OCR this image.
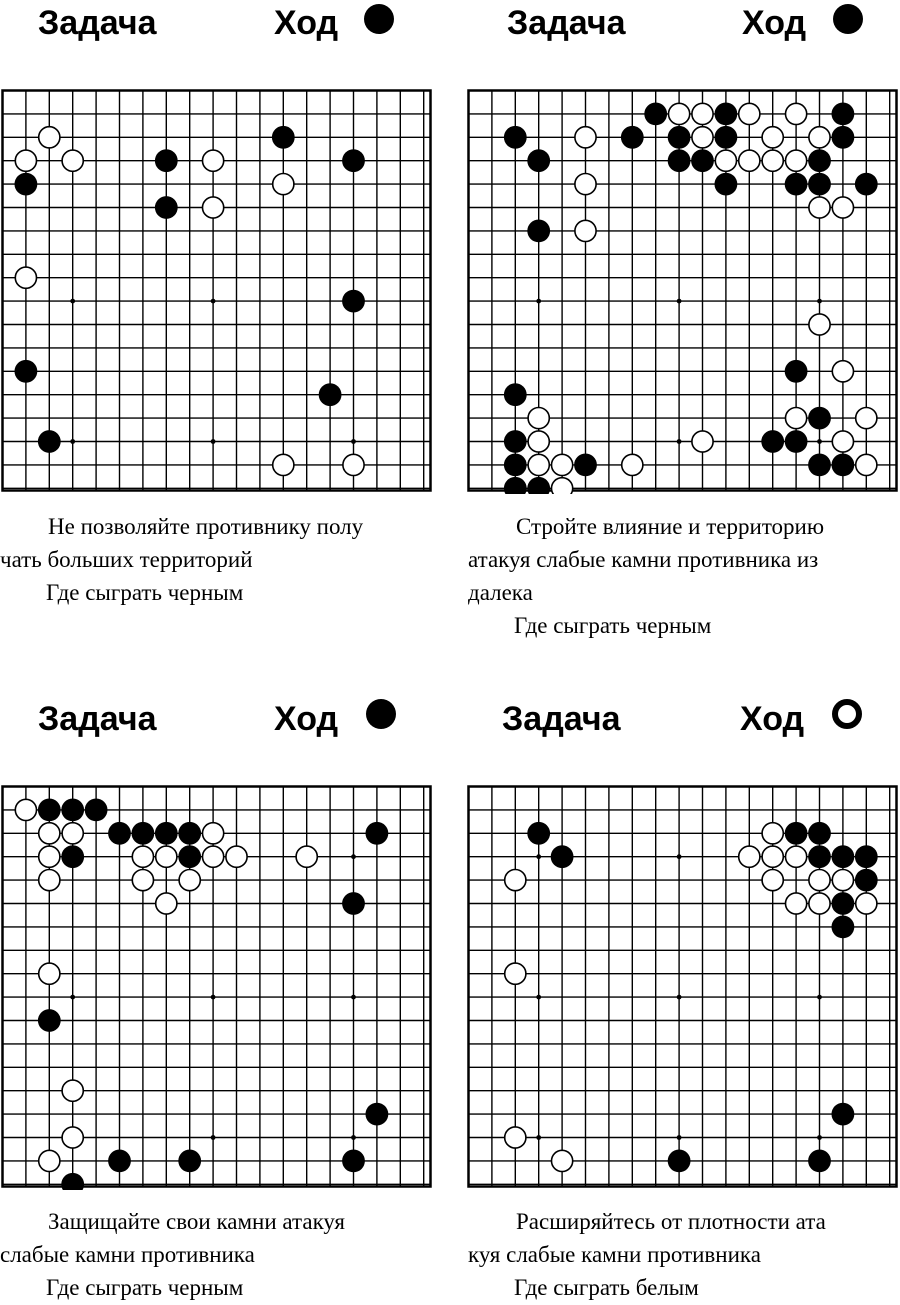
Задача	Ход
Не позволяйте противнику полу
чать больших территорий
Где сыграть черным
Задача	Ход
Стройте влияние и территорию
атакуя слабые камни противника из
далека
Где сыграть черным
Задача	Ход
Защищайте свои камни атакуя
слабые камни противника
Где сыграть черным
Задача	Ход
Расширяйтесь от плотности ата
куя слабые камни противника
Где сыграть белым
